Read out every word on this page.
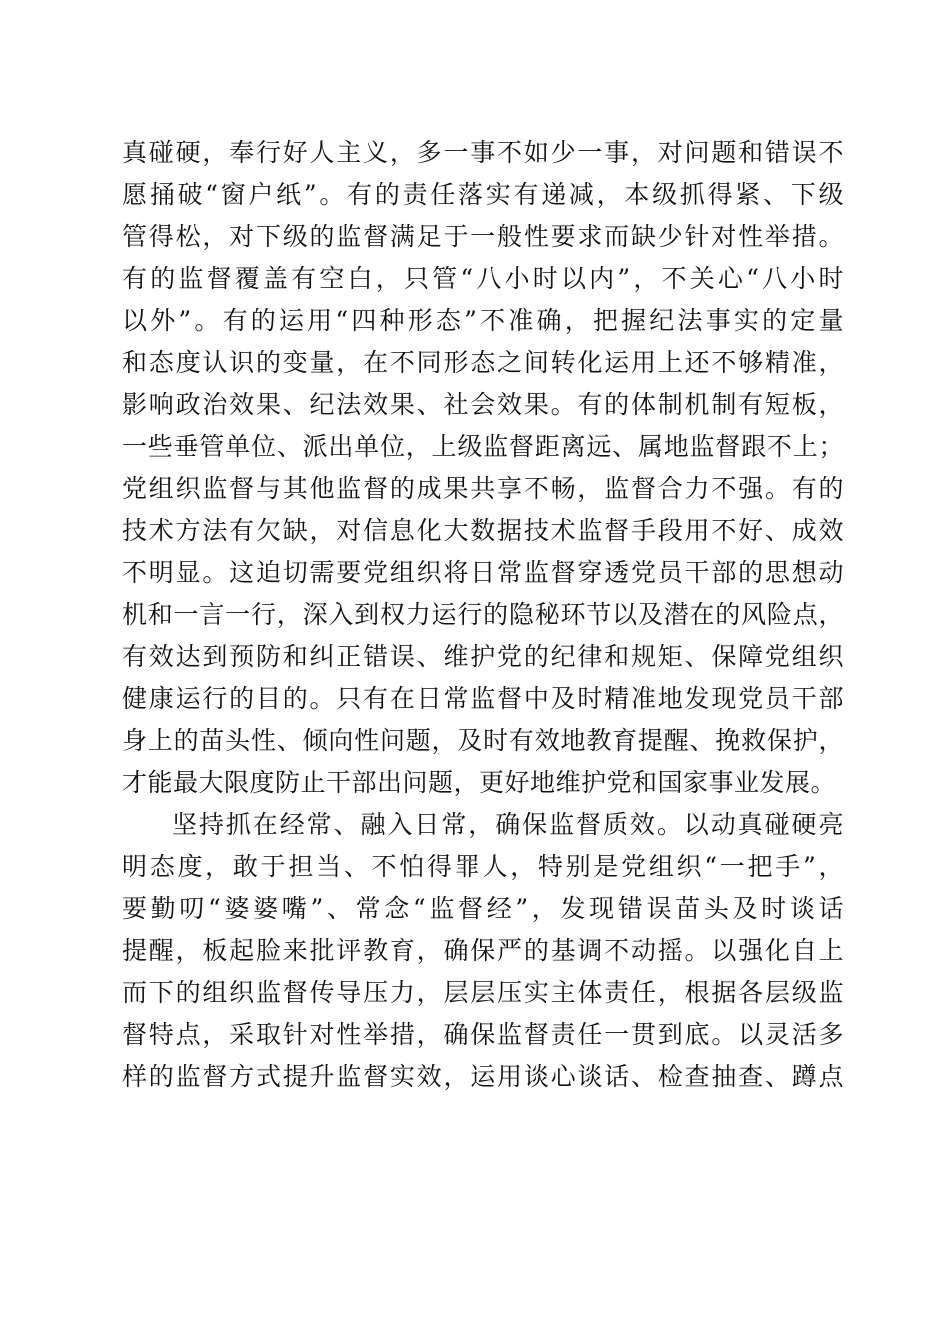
真碰硬，奉行好人主义，多一事不如少一事，对问题和错误不
愿捅破“窗户纸”。有的责任落实有递减，本级抓得紧、下级
管得松，对下级的监督满足于一般性要求而缺少针对性举措。
有的监督覆盖有空白，只管“八小时以内”，不关心“八小时
以外”。有的运用“四种形态”不准确，把握纪法事实的定量
和态度认识的变量，在不同形态之间转化运用上还不够精准，
影响政治效果、纪法效果、社会效果。有的体制机制有短板，
一些垂管单位、派出单位，上级监督距离远、属地监督跟不上；
党组织监督与其他监督的成果共享不畅，监督合力不强。有的
技术方法有欠缺，对信息化大数据技术监督手段用不好、成效
不明显。这迫切需要党组织将日常监督穿透党员干部的思想动
机和一言一行，深入到权力运行的隐秘环节以及潜在的风险点，
有效达到预防和纠正错误、维护党的纪律和规矩、保障党组织
健康运行的目的。只有在日常监督中及时精准地发现党员干部
身上的苗头性、倾向性问题，及时有效地教育提醒、挽救保护，
才能最大限度防止干部出问题，更好地维护党和国家事业发展。
坚持抓在经常、融入日常，确保监督质效。以动真碰硬亮
明态度，敢于担当、不怕得罪人，特别是党组织“一把手”，
要勤叨“婆婆嘴”、常念“监督经”，发现错误苗头及时谈话
提醒，板起脸来批评教育，确保严的基调不动摇。以强化自上
而下的组织监督传导压力，层层压实主体责任，根据各层级监
督特点，采取针对性举措，确保监督责任一贯到底。以灵活多
样的监督方式提升监督实效，运用谈心谈话、检查抽查、蹲点
